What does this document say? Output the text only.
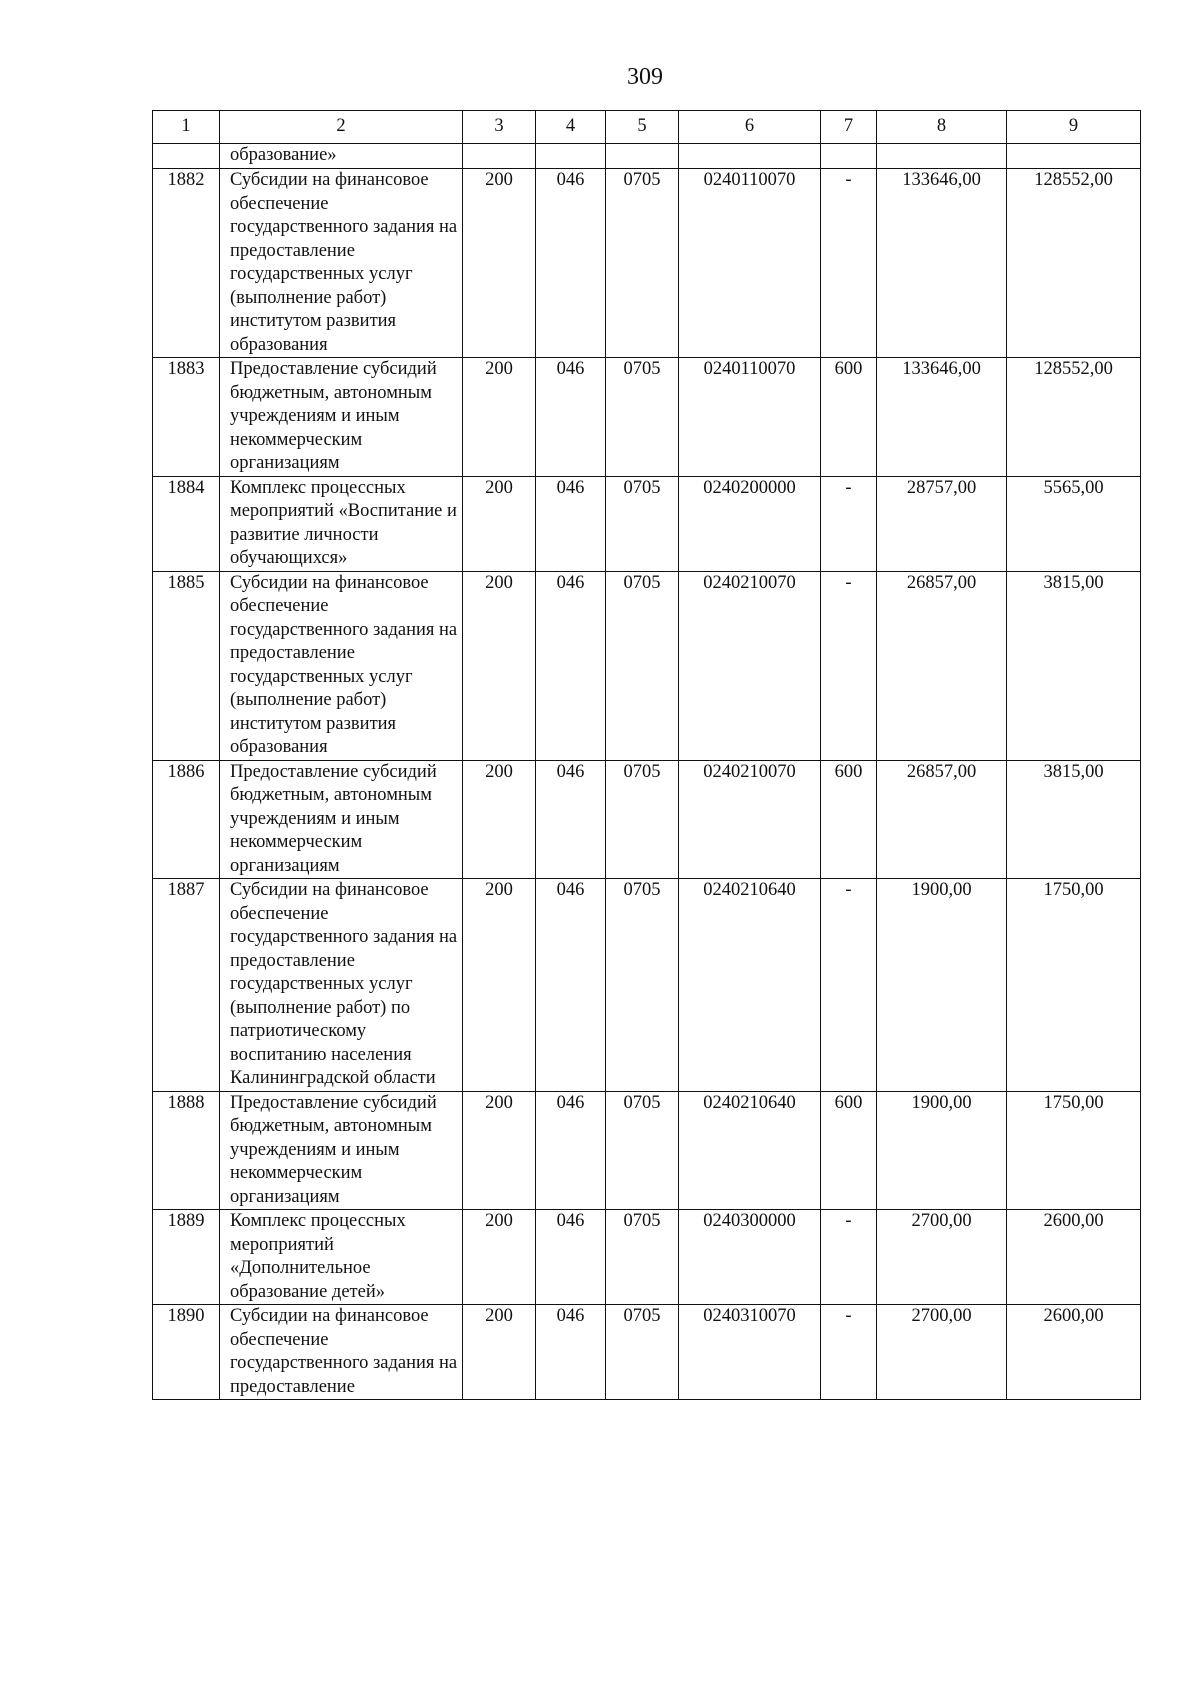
309
1	2	3	4	5	6	7	8	9
	образование»							
1882	Субсидии на финансовое обеспечение государственного задания на предоставление государственных услуг (выполнение работ) институтом развития образования	200	046	0705	0240110070	-	133646,00	128552,00
1883	Предоставление субсидий бюджетным, автономным учреждениям и иным некоммерческим организациям	200	046	0705	0240110070	600	133646,00	128552,00
1884	Комплекс процессных мероприятий «Воспитание и развитие личности обучающихся»	200	046	0705	0240200000	-	28757,00	5565,00
1885	Субсидии на финансовое обеспечение государственного задания на предоставление государственных услуг (выполнение работ) институтом развития образования	200	046	0705	0240210070	-	26857,00	3815,00
1886	Предоставление субсидий бюджетным, автономным учреждениям и иным некоммерческим организациям	200	046	0705	0240210070	600	26857,00	3815,00
1887	Субсидии на финансовое обеспечение государственного задания на предоставление государственных услуг (выполнение работ) по патриотическому воспитанию населения Калининградской области	200	046	0705	0240210640	-	1900,00	1750,00
1888	Предоставление субсидий бюджетным, автономным учреждениям и иным некоммерческим организациям	200	046	0705	0240210640	600	1900,00	1750,00
1889	Комплекс процессных мероприятий «Дополнительное образование детей»	200	046	0705	0240300000	-	2700,00	2600,00
1890	Субсидии на финансовое обеспечение государственного задания на предоставление	200	046	0705	0240310070	-	2700,00	2600,00
